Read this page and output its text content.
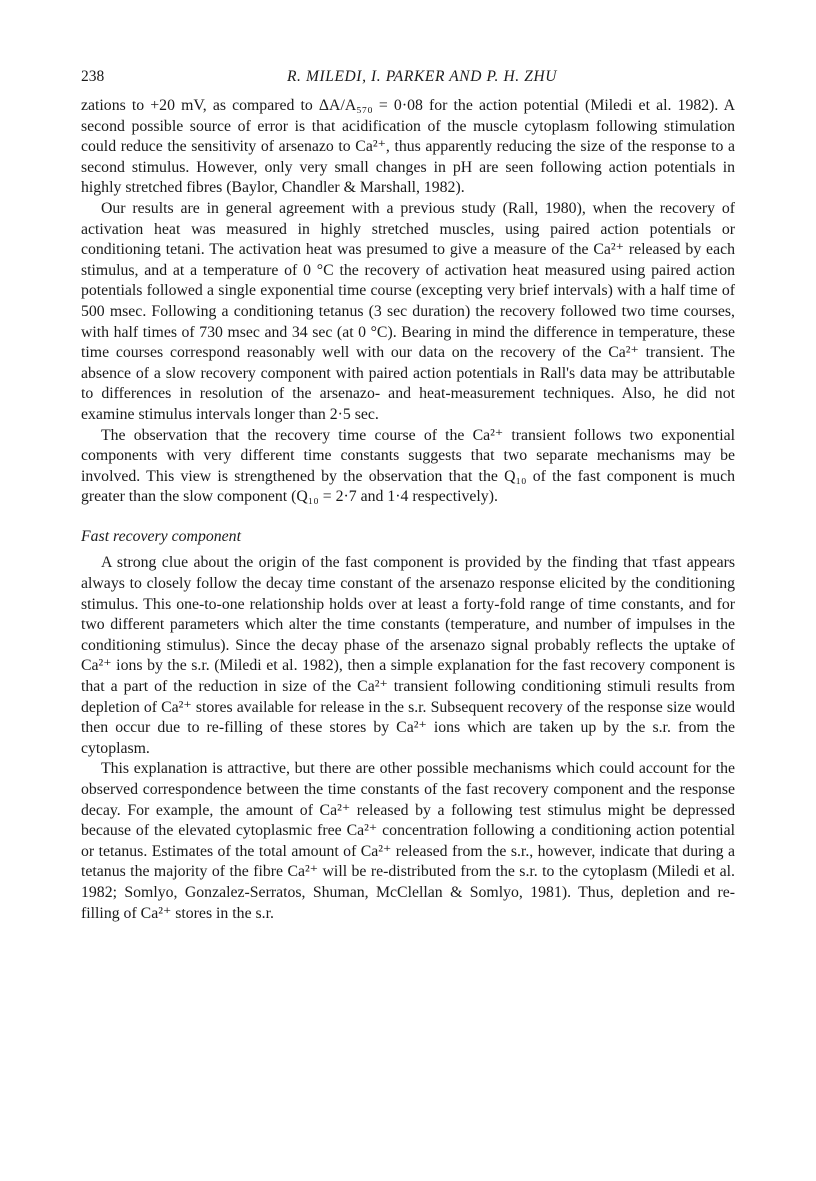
238	R. MILEDI, I. PARKER AND P. H. ZHU

zations to +20 mV, as compared to ΔA/A₅₇₀ = 0·08 for the action potential (Miledi et al. 1982). A second possible source of error is that acidification of the muscle cytoplasm following stimulation could reduce the sensitivity of arsenazo to Ca²⁺, thus apparently reducing the size of the response to a second stimulus. However, only very small changes in pH are seen following action potentials in highly stretched fibres (Baylor, Chandler & Marshall, 1982).

Our results are in general agreement with a previous study (Rall, 1980), when the recovery of activation heat was measured in highly stretched muscles, using paired action potentials or conditioning tetani. The activation heat was presumed to give a measure of the Ca²⁺ released by each stimulus, and at a temperature of 0 °C the recovery of activation heat measured using paired action potentials followed a single exponential time course (excepting very brief intervals) with a half time of 500 msec. Following a conditioning tetanus (3 sec duration) the recovery followed two time courses, with half times of 730 msec and 34 sec (at 0 °C). Bearing in mind the difference in temperature, these time courses correspond reasonably well with our data on the recovery of the Ca²⁺ transient. The absence of a slow recovery component with paired action potentials in Rall's data may be attributable to differences in resolution of the arsenazo- and heat-measurement techniques. Also, he did not examine stimulus intervals longer than 2·5 sec.

The observation that the recovery time course of the Ca²⁺ transient follows two exponential components with very different time constants suggests that two separate mechanisms may be involved. This view is strengthened by the observation that the Q₁₀ of the fast component is much greater than the slow component (Q₁₀ = 2·7 and 1·4 respectively).

Fast recovery component

A strong clue about the origin of the fast component is provided by the finding that τfast appears always to closely follow the decay time constant of the arsenazo response elicited by the conditioning stimulus. This one-to-one relationship holds over at least a forty-fold range of time constants, and for two different parameters which alter the time constants (temperature, and number of impulses in the conditioning stimulus). Since the decay phase of the arsenazo signal probably reflects the uptake of Ca²⁺ ions by the s.r. (Miledi et al. 1982), then a simple explanation for the fast recovery component is that a part of the reduction in size of the Ca²⁺ transient following conditioning stimuli results from depletion of Ca²⁺ stores available for release in the s.r. Subsequent recovery of the response size would then occur due to re-filling of these stores by Ca²⁺ ions which are taken up by the s.r. from the cytoplasm.

This explanation is attractive, but there are other possible mechanisms which could account for the observed correspondence between the time constants of the fast recovery component and the response decay. For example, the amount of Ca²⁺ released by a following test stimulus might be depressed because of the elevated cytoplasmic free Ca²⁺ concentration following a conditioning action potential or tetanus. Estimates of the total amount of Ca²⁺ released from the s.r., however, indicate that during a tetanus the majority of the fibre Ca²⁺ will be re-distributed from the s.r. to the cytoplasm (Miledi et al. 1982; Somlyo, Gonzalez-Serratos, Shuman, McClellan & Somlyo, 1981). Thus, depletion and re-filling of Ca²⁺ stores in the s.r.
